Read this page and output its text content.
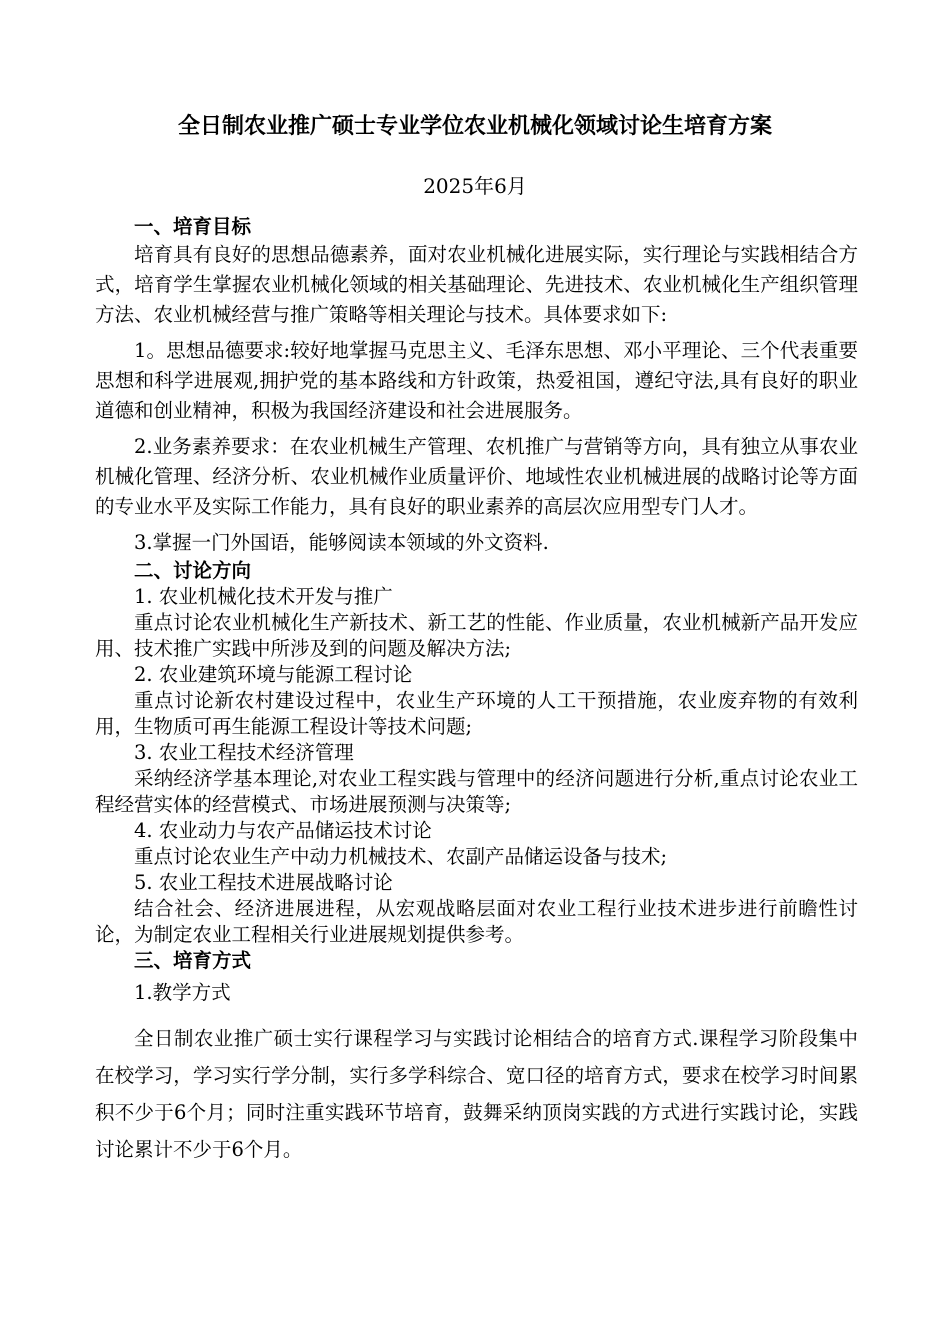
全日制农业推广硕士专业学位农业机械化领域讨论生培育方案
2025年6月

一、培育目标

培育具有良好的思想品德素养，面对农业机械化进展实际，实行理论与实践相结合方式，培育学生掌握农业机械化领域的相关基础理论、先进技术、农业机械化生产组织管理方法、农业机械经营与推广策略等相关理论与技术。具体要求如下:

1。思想品德要求:较好地掌握马克思主义、毛泽东思想、邓小平理论、三个代表重要思想和科学进展观,拥护党的基本路线和方针政策，热爱祖国，遵纪守法,具有良好的职业道德和创业精神，积极为我国经济建设和社会进展服务。

2.业务素养要求：在农业机械生产管理、农机推广与营销等方向，具有独立从事农业机械化管理、经济分析、农业机械作业质量评价、地域性农业机械进展的战略讨论等方面的专业水平及实际工作能力，具有良好的职业素养的高层次应用型专门人才。

3.掌握一门外国语，能够阅读本领域的外文资料.

二、讨论方向

1. 农业机械化技术开发与推广

重点讨论农业机械化生产新技术、新工艺的性能、作业质量，农业机械新产品开发应用、技术推广实践中所涉及到的问题及解决方法;

2. 农业建筑环境与能源工程讨论

重点讨论新农村建设过程中，农业生产环境的人工干预措施，农业废弃物的有效利用，生物质可再生能源工程设计等技术问题;

3. 农业工程技术经济管理

采纳经济学基本理论,对农业工程实践与管理中的经济问题进行分析,重点讨论农业工程经营实体的经营模式、市场进展预测与决策等;

4. 农业动力与农产品储运技术讨论

重点讨论农业生产中动力机械技术、农副产品储运设备与技术;

5. 农业工程技术进展战略讨论

结合社会、经济进展进程，从宏观战略层面对农业工程行业技术进步进行前瞻性讨论，为制定农业工程相关行业进展规划提供参考。

三、培育方式

1.教学方式

全日制农业推广硕士实行课程学习与实践讨论相结合的培育方式.课程学习阶段集中在校学习，学习实行学分制，实行多学科综合、宽口径的培育方式，要求在校学习时间累积不少于6个月；同时注重实践环节培育，鼓舞采纳顶岗实践的方式进行实践讨论，实践讨论累计不少于6个月。
